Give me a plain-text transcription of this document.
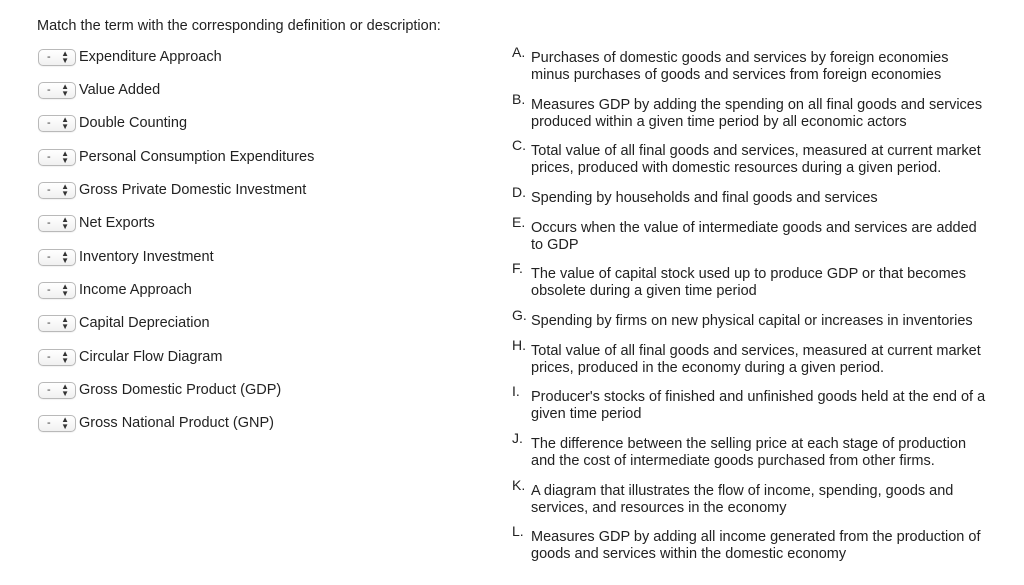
Match the term with the corresponding definition or description:
- ▲
▼ Expenditure Approach
- ▲
▼ Value Added
- ▲
▼ Double Counting
- ▲
▼ Personal Consumption Expenditures
- ▲
▼ Gross Private Domestic Investment
- ▲
▼ Net Exports
- ▲
▼ Inventory Investment
- ▲
▼ Income Approach
- ▲
▼ Capital Depreciation
- ▲
▼ Circular Flow Diagram
- ▲
▼ Gross Domestic Product (GDP)
- ▲
▼ Gross National Product (GNP)
A. Purchases of domestic goods and services by foreign economies minus purchases of goods and services from foreign economies
B. Measures GDP by adding the spending on all final goods and services produced within a given time period by all economic actors
C. Total value of all final goods and services, measured at current market prices, produced with domestic resources during a given period.
D. Spending by households and final goods and services
E. Occurs when the value of intermediate goods and services are added to GDP
F. The value of capital stock used up to produce GDP or that becomes obsolete during a given time period
G. Spending by firms on new physical capital or increases in inventories
H. Total value of all final goods and services, measured at current market prices, produced in the economy during a given period.
I. Producer's stocks of finished and unfinished goods held at the end of a given time period
J. The difference between the selling price at each stage of production and the cost of intermediate goods purchased from other firms.
K. A diagram that illustrates the flow of income, spending, goods and services, and resources in the economy
L. Measures GDP by adding all income generated from the production of goods and services within the domestic economy
